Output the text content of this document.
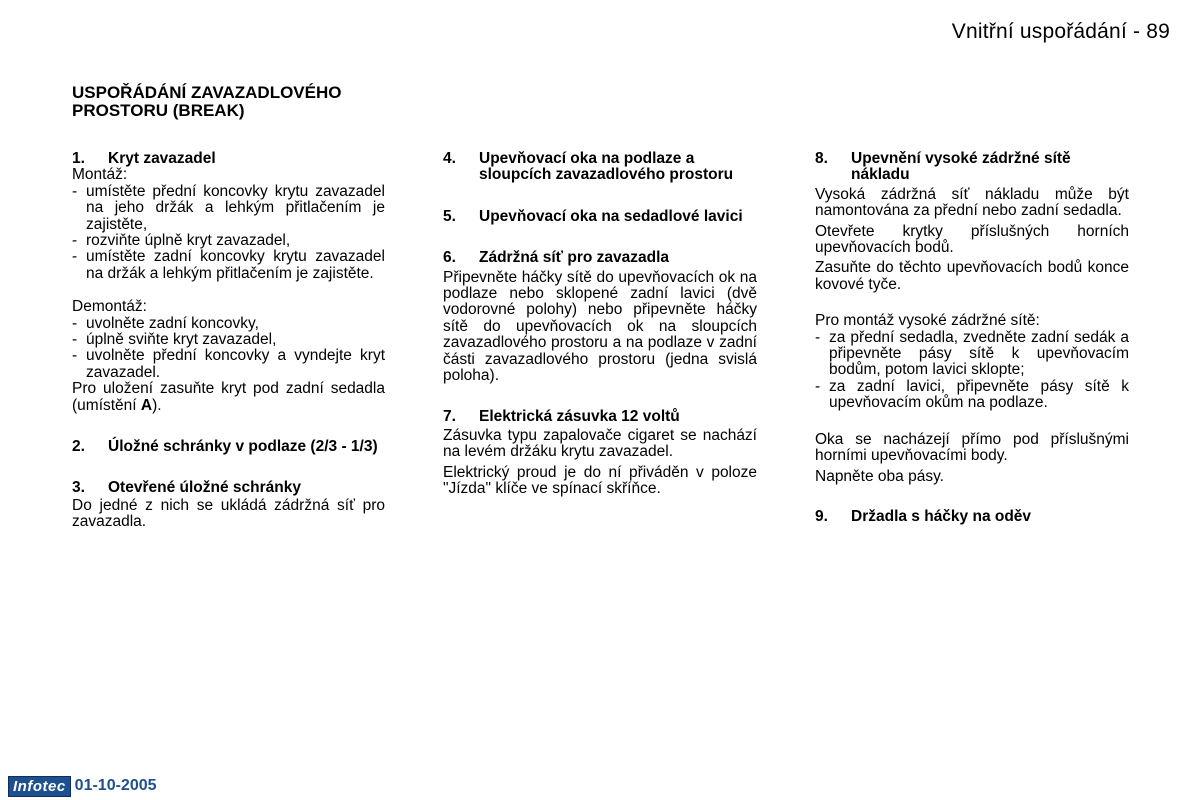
Vnitřní uspořádání - 89
USPOŘÁDÁNÍ ZAVAZADLOVÉHO PROSTORU (BREAK)
1.	Kryt zavazadel

Montáž:

- umístěte přední koncovky krytu zavazadel na jeho držák a lehkým přitlačením je zajistěte,
- rozviňte úplně kryt zavazadel,
- umístěte zadní koncovky krytu zavazadel na držák a lehkým přitlačením je zajistěte.

Demontáž:

- uvolněte zadní koncovky,
- úplně sviňte kryt zavazadel,
- uvolněte přední koncovky a vyndejte kryt zavazadel.

Pro uložení zasuňte kryt pod zadní sedadla (umístění A).

2.	Úložné schránky v podlaze (2/3 - 1/3)
3.	Otevřené úložné schránky

Do jedné z nich se ukládá zádržná síť pro zavazadla.

4.	Upevňovací oka na podlaze a sloupcích zavazadlového prostoru
5.	Upevňovací oka na sedadlové lavici
6.	Zádržná síť pro zavazadla

Připevněte háčky sítě do upevňovacích ok na podlaze nebo sklopené zadní lavici (dvě vodorovné polohy) nebo připevněte háčky sítě do upevňovacích ok na sloupcích zavazadlového prostoru a na podlaze v zadní části zavazadlového prostoru (jedna svislá poloha).

7.	Elektrická zásuvka 12 voltů

Zásuvka typu zapalovače cigaret se nachází na levém držáku krytu zavazadel.

Elektrický proud je do ní přiváděn v poloze "Jízda" klíče ve spínací skříňce.

8.	Upevnění vysoké zádržné sítě nákladu

Vysoká zádržná síť nákladu může být namontována za přední nebo zadní sedadla.

Otevřete krytky příslušných horních upevňovacích bodů.

Zasuňte do těchto upevňovacích bodů konce kovové tyče.

Pro montáž vysoké zádržné sítě:

- za přední sedadla, zvedněte zadní sedák a připevněte pásy sítě k upevňovacím bodům, potom lavici sklopte;
- za zadní lavici, připevněte pásy sítě k upevňovacím okům na podlaze.

Oka se nacházejí přímo pod příslušnými horními upevňovacími body.

Napněte oba pásy.

9.	Držadla s háčky na oděv
Infotec 01-10-2005
